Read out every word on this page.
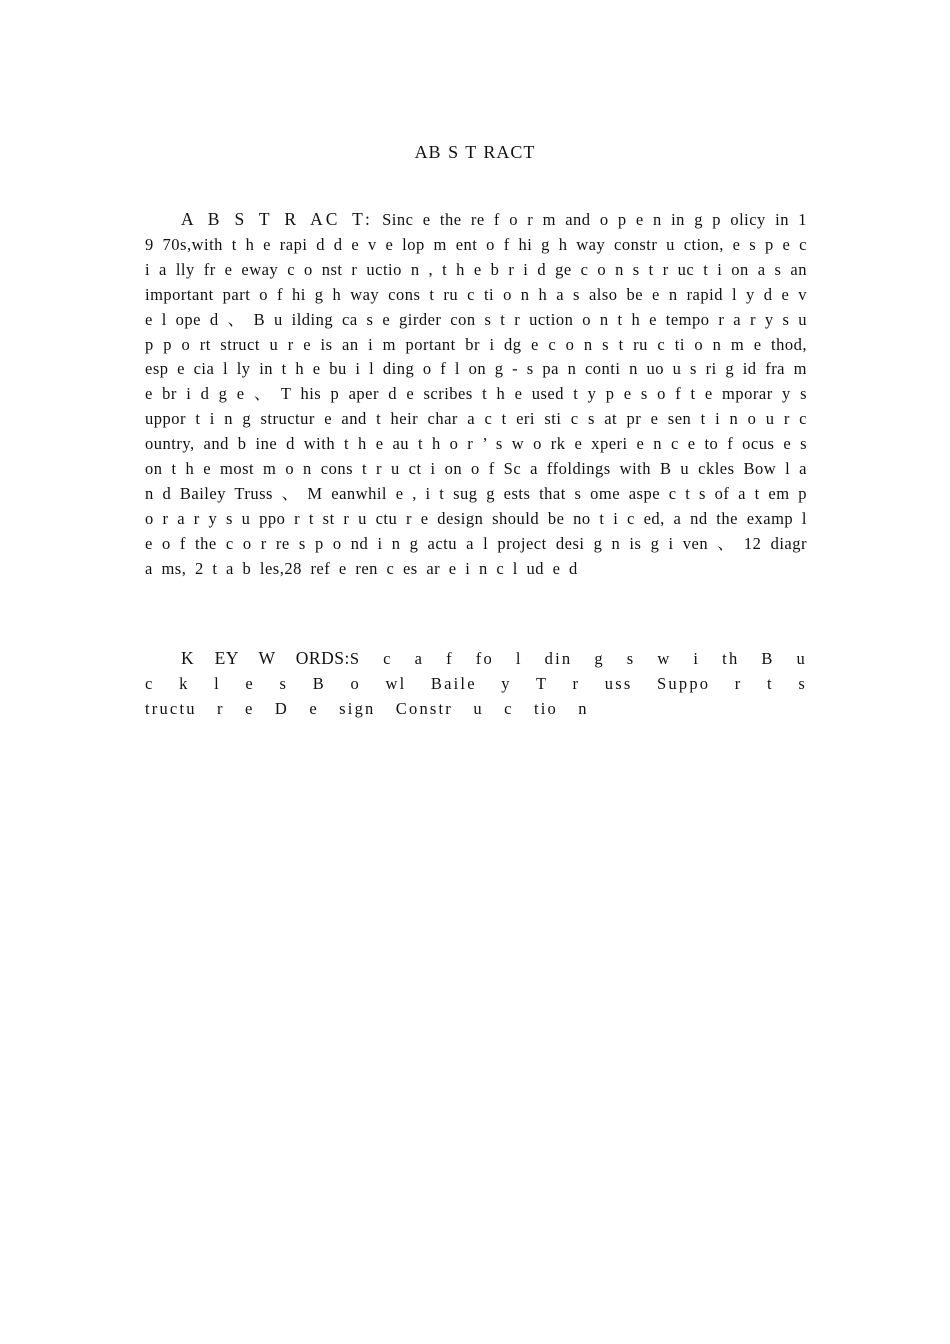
AB S T RACT
A B S T R AC T: Sinc e the re f o r m and o p e n in g p olicy in 1 9 70s,with t h e rapi d d e v e lop m ent o f hi g h way constr u ction, e s p e c i a lly fr e eway c o nst r uctio n , t h e b r i d ge c o n s t r uc t i on a s an important part o f hi g h way cons t ru c ti o n h a s also be e n rapid l y d e v e l ope d 、 B u ilding ca s e girder con s t r uction o n t h e tempo r a r y s u p p o rt struct u r e is an i m portant br i dg e c o n s t ru c ti o n m e thod, esp e cia l ly in t h e bu i l ding o f l on g - s pa n conti n uo u s ri g id fra m e br i d g e 、 T his p aper d e scribes t h e used t y p e s o f t e mporar y s uppor t i n g structur e and t heir char a c t eri sti c s at pr e sen t i n o u r c ountry, and b ine d with t h e au t h o r ’ s w o rk e xperi e n c e to f ocus e s on t h e most m o n cons t r u ct i on o f Sc a ffoldings with B u ckles Bow l a n d Bailey Truss 、 M eanwhil e , i t sug g ests that s ome aspe c t s of a t em p o r a r y s u ppo r t st r u ctu r e design should be no t i c ed, a nd the examp l e o f the c o r re s p o nd i n g actu a l project desi g n is g i ven 、 12 diagr a ms, 2 t a b les,28 ref e ren c es ar e i n c l ud e d
K EY W ORDS:S c a f fo l din g s w i th B u c k l e s B o wl Baile y T r uss Suppo r t s tructu r e D e sign Constr u c tio n
